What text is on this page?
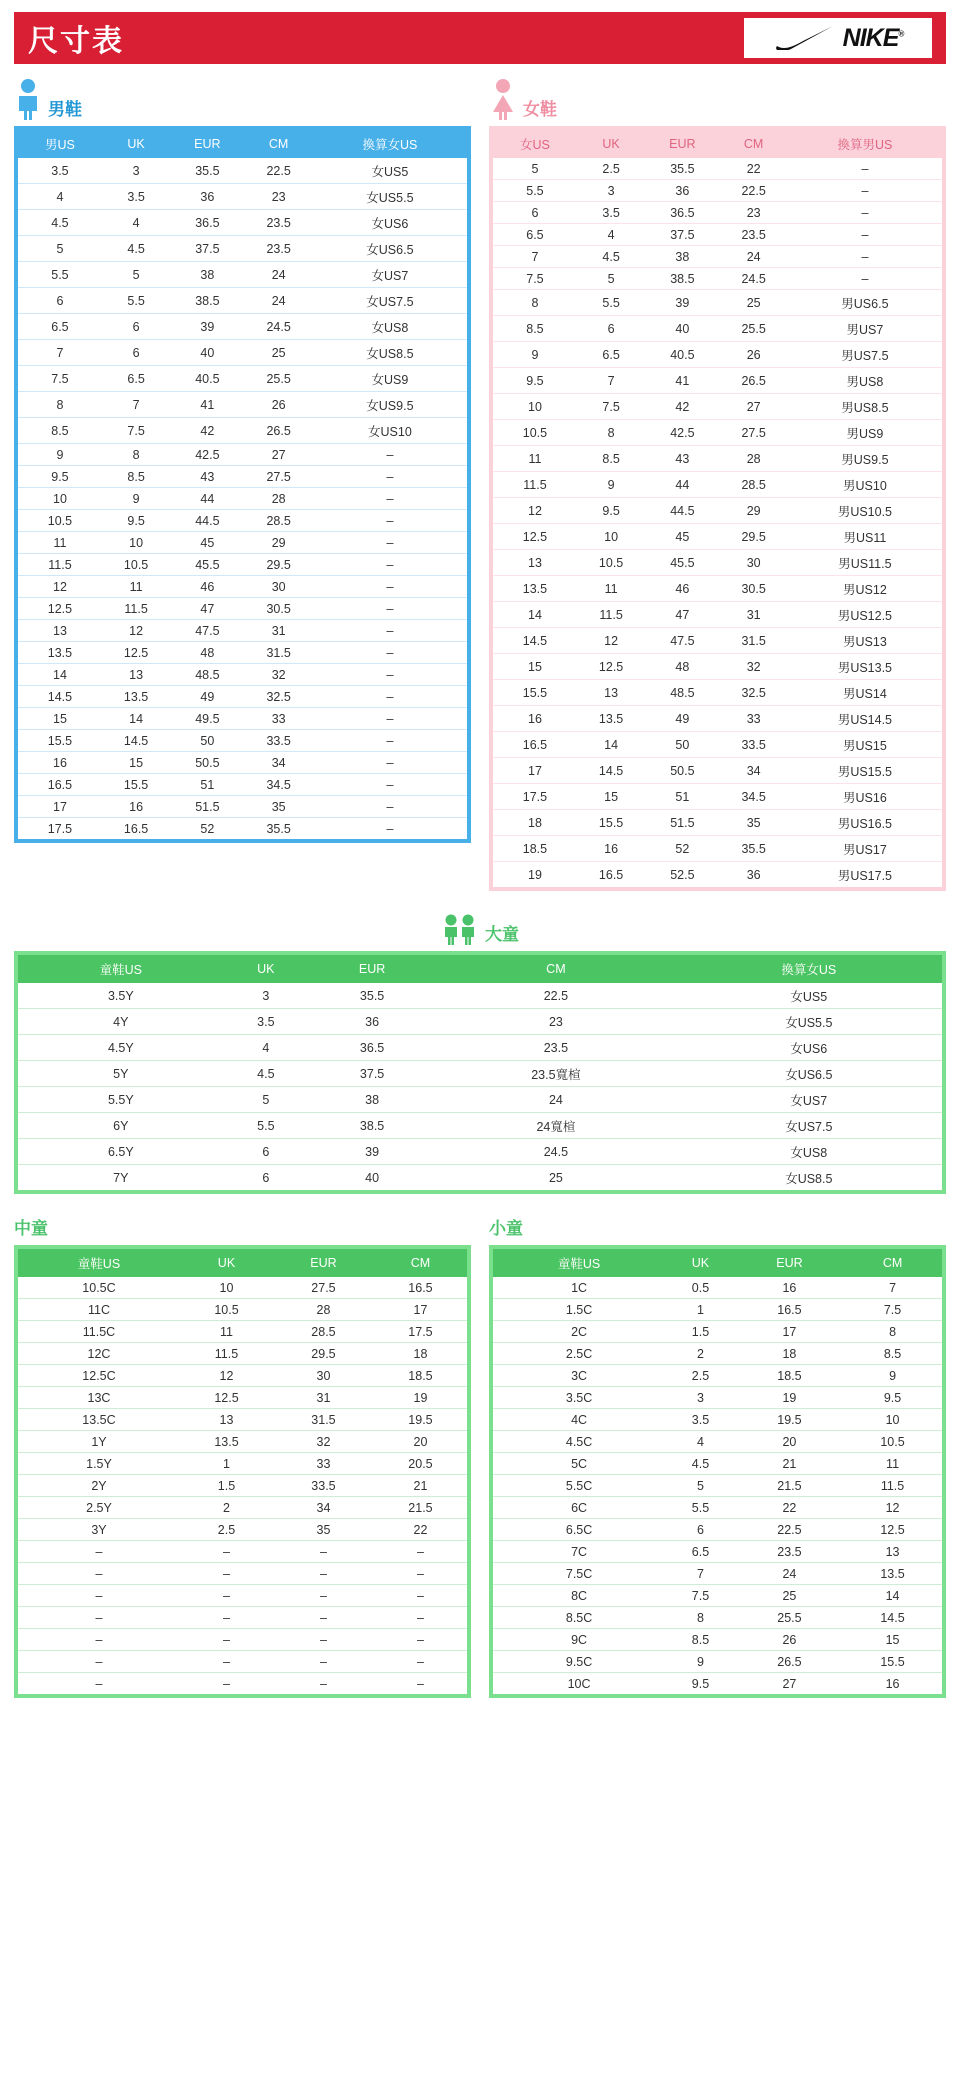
尺寸表	NIKE®
男鞋
男US	UK	EUR	CM	換算女US
3.5	3	35.5	22.5	女US5
4	3.5	36	23	女US5.5
4.5	4	36.5	23.5	女US6
5	4.5	37.5	23.5	女US6.5
5.5	5	38	24	女US7
6	5.5	38.5	24	女US7.5
6.5	6	39	24.5	女US8
7	6	40	25	女US8.5
7.5	6.5	40.5	25.5	女US9
8	7	41	26	女US9.5
8.5	7.5	42	26.5	女US10
9	8	42.5	27	–
9.5	8.5	43	27.5	–
10	9	44	28	–
10.5	9.5	44.5	28.5	–
11	10	45	29	–
11.5	10.5	45.5	29.5	–
12	11	46	30	–
12.5	11.5	47	30.5	–
13	12	47.5	31	–
13.5	12.5	48	31.5	–
14	13	48.5	32	–
14.5	13.5	49	32.5	–
15	14	49.5	33	–
15.5	14.5	50	33.5	–
16	15	50.5	34	–
16.5	15.5	51	34.5	–
17	16	51.5	35	–
17.5	16.5	52	35.5	–
女鞋
女US	UK	EUR	CM	換算男US
5	2.5	35.5	22	–
5.5	3	36	22.5	–
6	3.5	36.5	23	–
6.5	4	37.5	23.5	–
7	4.5	38	24	–
7.5	5	38.5	24.5	–
8	5.5	39	25	男US6.5
8.5	6	40	25.5	男US7
9	6.5	40.5	26	男US7.5
9.5	7	41	26.5	男US8
10	7.5	42	27	男US8.5
10.5	8	42.5	27.5	男US9
11	8.5	43	28	男US9.5
11.5	9	44	28.5	男US10
12	9.5	44.5	29	男US10.5
12.5	10	45	29.5	男US11
13	10.5	45.5	30	男US11.5
13.5	11	46	30.5	男US12
14	11.5	47	31	男US12.5
14.5	12	47.5	31.5	男US13
15	12.5	48	32	男US13.5
15.5	13	48.5	32.5	男US14
16	13.5	49	33	男US14.5
16.5	14	50	33.5	男US15
17	14.5	50.5	34	男US15.5
17.5	15	51	34.5	男US16
18	15.5	51.5	35	男US16.5
18.5	16	52	35.5	男US17
19	16.5	52.5	36	男US17.5
大童
童鞋US	UK	EUR	CM	換算女US
3.5Y	3	35.5	22.5	女US5
4Y	3.5	36	23	女US5.5
4.5Y	4	36.5	23.5	女US6
5Y	4.5	37.5	23.5寬楦	女US6.5
5.5Y	5	38	24	女US7
6Y	5.5	38.5	24寬楦	女US7.5
6.5Y	6	39	24.5	女US8
7Y	6	40	25	女US8.5
中童
童鞋US	UK	EUR	CM
10.5C	10	27.5	16.5
11C	10.5	28	17
11.5C	11	28.5	17.5
12C	11.5	29.5	18
12.5C	12	30	18.5
13C	12.5	31	19
13.5C	13	31.5	19.5
1Y	13.5	32	20
1.5Y	1	33	20.5
2Y	1.5	33.5	21
2.5Y	2	34	21.5
3Y	2.5	35	22
–	–	–	–
–	–	–	–
–	–	–	–
–	–	–	–
–	–	–	–
–	–	–	–
–	–	–	–
小童
童鞋US	UK	EUR	CM
1C	0.5	16	7
1.5C	1	16.5	7.5
2C	1.5	17	8
2.5C	2	18	8.5
3C	2.5	18.5	9
3.5C	3	19	9.5
4C	3.5	19.5	10
4.5C	4	20	10.5
5C	4.5	21	11
5.5C	5	21.5	11.5
6C	5.5	22	12
6.5C	6	22.5	12.5
7C	6.5	23.5	13
7.5C	7	24	13.5
8C	7.5	25	14
8.5C	8	25.5	14.5
9C	8.5	26	15
9.5C	9	26.5	15.5
10C	9.5	27	16
